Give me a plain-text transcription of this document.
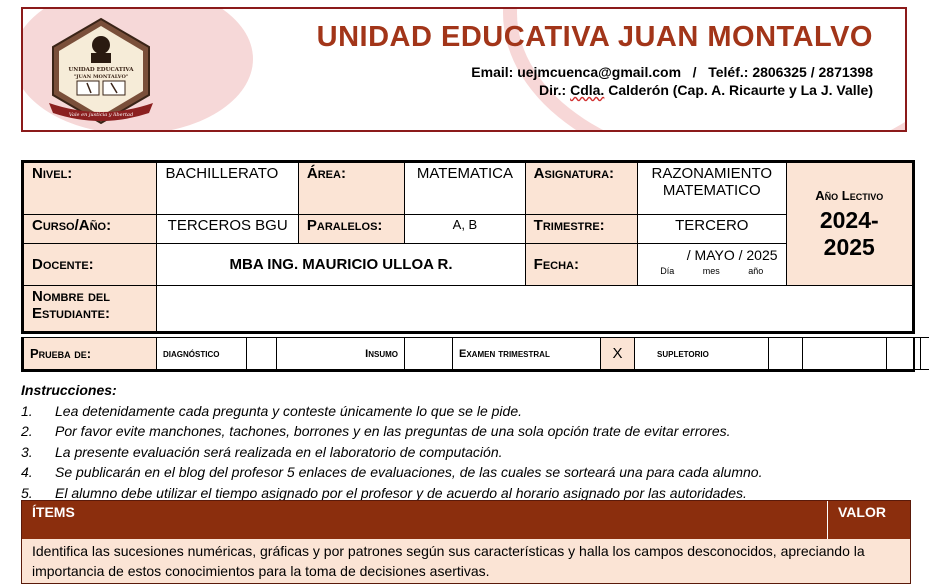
UNIDAD EDUCATIVA
"JUAN MONTALVO"
Vale en justicia y libertad
UNIDAD EDUCATIVA JUAN MONTALVO
Email: uejmcuenca@gmail.com   /   Teléf.: 2806325 / 2871398
Dir.: Cdla. Calderón (Cap. A. Ricaurte y La J. Valle)
Nivel:	BACHILLERATO	Área:	MATEMATICA	Asignatura:	RAZONAMIENTO MATEMATICO	Año Lectivo
2024-2025

Curso/Año:	TERCEROS BGU	Paralelos:	A, B	Trimestre:	TERCERO	
Docente:	MBA ING. MAURICIO ULLOA R.			Fecha:	/ MAYO / 2025
Día mes año	

Nombre del Estudiante:						
Prueba de:	diagnóstico		Insumo		Examen trimestral	X	supletorio				
Instrucciones:
1. Lea detenidamente cada pregunta y conteste únicamente lo que se le pide.
2. Por favor evite manchones, tachones, borrones y en las preguntas de una sola opción trate de evitar errores.
3. La presente evaluación será realizada en el laboratorio de computación.
4. Se publicarán en el blog del profesor 5 enlaces de evaluaciones, de las cuales se sorteará una para cada alumno.
5. El alumno debe utilizar el tiempo asignado por el profesor y de acuerdo al horario asignado por las autoridades.
ÍTEMS	VALOR
Identifica las sucesiones numéricas, gráficas y por patrones según sus características y halla los campos desconocidos, apreciando la importancia de estos conocimientos para la toma de decisiones asertivas.
